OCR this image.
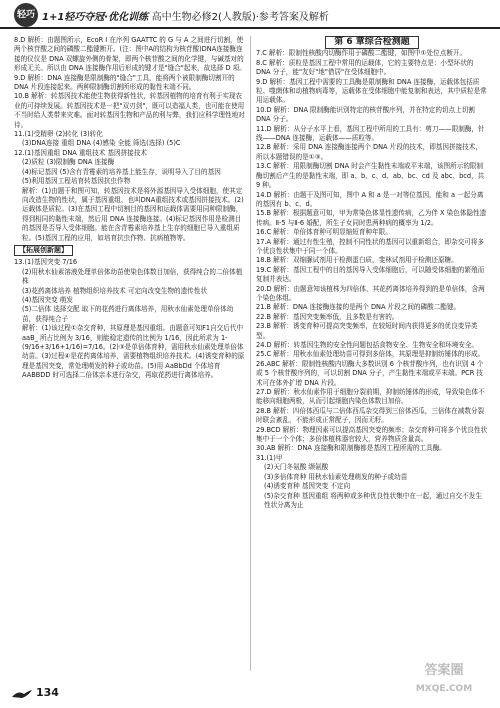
轻巧 1+1轻巧夺冠·优化训练 高中生物必修2(人教版)·参考答案及解析

8.D 解析：由题图所示，EcoR I 在序列 GAATTC 的 G 与 A 之间进行切割，使两个核苷酸之间的磷酸二酯键断开。(注：图中A的结构为核苷酸)DNA连接酶连接的仪仪是 DNA 双螺旋外侧的骨架，即两个核苷酸之间的化学键，与碱基对的形成无关。所以由 DNA 连接酶作用后形成的键才是"缝合"起来，故选择 D 项。

9.D 解析：DNA 连接酶是限制酶的"缝合"工具，能将两个被限制酶切割开的 DNA 片段连接起来。两种限制酶切割所形成的黏性末端不同。

10.B 解析：转基因技术能使生物获得新性状，转基因植物的培育有利于实现农业的可持续发展。转基因技术是一把"双刃剑"，既可以造福人类，也可能在使用不当时给人类带来灾难。面对转基因生物和产品的利与弊，我们应科学理性地对待。

11.(1)受精卵 (2)转化 (3)转化

(3)DNA连接 重组 DNA (4)感染 全能 筛选(选择) (5)C

12.(1)基因重组 DNA 重组技术 基因拼接技术

(2)质粒 (3)限制酶 DNA 连接酶

(4)标记基因 (5)含有青霉素的培养基上能生存，说明导入了目的基因

(5)利用基因工程培育转基因抗虫作物

解析：(1)由题干和图可知，转基因技术是将外源基因导入受体细胞，使其定向改造生物的性状，属于基因重组，也叫DNA重组技术或基因拼接技术。(2)运载体是质粒。(3)在基因工程中切割目的基因和运载体需要用同种限制酶，得到相同的黏性末端，然后用 DNA 连接酶连接。(4)标记基因作用是检测目的基因是否导入受体细胞。能在含青霉素培养基上生存的细胞已导入重组质粒。(5)基因工程的应用，如培育抗虫作物、抗病植物等。

【拓展创新题】

13.(1)基因突变 7/16

(2)用秋水仙素溶液处理单倍体幼苗使染色体数目加倍，获得纯合的二倍体植株

(3)花药离体培养 植物组织培养技术 可定向改变生物的遗传性状

(4)基因突变 萌发

(5)二倍体 选择交配 取下的花药进行离体培养，用秋水仙素处理单倍体幼苗，获得纯合子

解析：(1)该过程①杂交育种，其原理是基因重组。由题意可知F1自交后代中 aaB_ 所占比例为 3/16，则能稳定遗传的比例为 1/16，因此所求为 1-(9/16+3/16+1/16)=7/16。(2)③是单倍体育种，需用秋水仙素处理单倍体幼苗。(3)过程④是花药离体培养，需要植物组织培养技术。(4)诱变育种的原理是基因突变，常处理萌发的种子或幼苗。(5)用 AaBbDd 个体培育 AABBDD 时可选择二倍体亲本进行杂交，再取花药进行离体培养。

第 6 章综合检测题

7.C 解析：限制性核酸内切酶作用于磷酸二酯键，如图中①处位点断开。

8.C 解析：质粒是基因工程中常用的运载体，它的主要特点是：小型环状的 DNA 分子，能"友好"地"借居"在受体细胞中。

9.D 解析：基因工程中需要的工具酶是限制酶和 DNA 连接酶，运载体包括质粒、噬菌体和动植物病毒等，运载体在受体细胞中能复制和表达，其中质粒是常用运载体。

10.D 解析：DNA 限制酶能识别特定的核苷酸序列，并在特定的切点上切割 DNA 分子。

11.D 解析：从分子水平上看，基因工程中所用的工具有：剪刀——限制酶，针线——DNA 连接酶，运载体——质粒等。

12.B 解析：采用 DNA 连接酶连接两个 DNA 片段的技术，即基因拼接技术，所以本题错误的是①③。

13.C 解析：用限制酶切割 DNA 时会产生黏性末端或平末端，该图所示的限制酶切割后产生的是黏性末端，即 a、b、c、d、ab、bc、cd 及 abc、bcd，共 9 种。

14.D 解析：由题干及图可知，图中 A 和 a 是一对等位基因，能和 a 一起分离的基因有 b、c、d。

15.B 解析：根据题意可知，甲为常染色体显性遗传病，乙为伴 X 染色体隐性遗传病。Ⅱ-5 与Ⅱ-6 婚配，所生子女同时患两种病的概率为 1/2。

16.C 解析：单倍体育种可明显缩短育种年限。

17.A 解析：通过有性生殖，控制不同性状的基因可以重新组合，即杂交可将多个优良性状集中于同一个体。

18.B 解析：双缩脲试剂用于检测蛋白质，斐林试剂用于检测还原糖。

19.C 解析：基因工程中的目的基因导入受体细胞后，可以随受体细胞的繁殖而复制并表达。

20.D 解析：由题意知该植株为四倍体，其花药离体培养得到的是单倍体，含两个染色体组。

21.B 解析：DNA 连接酶连接的是两个 DNA 片段之间的磷酸二酯键。

22.B 解析：基因突变频率低，且多数是有害的。

23.B 解析：诱变育种可提高突变频率，在较短时间内获得更多的优良变异类型。

24.D 解析：转基因生物的安全性问题包括食物安全、生物安全和环境安全。

25.C 解析：用秋水仙素处理幼苗可得到多倍体，其原理是抑制纺锤体的形成。

26.ABC 解析：限制性核酸内切酶大多数识别 6 个核苷酸序列，也有识别 4 个或 5 个核苷酸序列的，可以切割 DNA 分子，产生黏性末端或平末端。PCR 技术可在体外扩增 DNA 片段。

27.D 解析：秋水仙素作用于细胞分裂前期，抑制纺锤体的形成，导致染色体不能移向细胞两极，从而引起细胞内染色体数目加倍。

28.B 解析：四倍体西瓜与二倍体西瓜杂交得到三倍体西瓜，三倍体在减数分裂时联会紊乱，不能形成正常配子，因而无籽。

29.BCD 解析：物理因素可以提高基因突变的频率；杂交育种可将多个优良性状集中于一个个体；多倍体植株器官较大，营养物质含量高。

30.AB 解析：DNA 连接酶和限制酶都是基因工程所需的工具酶。

31.(1)甲

(2)天门冬氨酸 缬氨酸

(3)多倍体育种 用秋水仙素处理萌发的种子或幼苗

(4)诱变育种 基因突变 不定向

(5)杂交育种 基因重组 将两种或多种优良性状集中在一起，通过自交不发生性状分离为止

134
答案圈
MXQE.COM
